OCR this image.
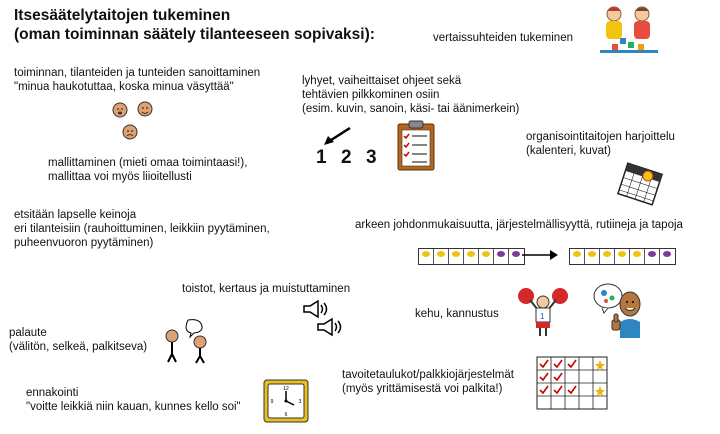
Itsesäätelytaitojen tukeminen
(oman toiminnan säätely tilanteeseen sopivaksi):
toiminnan, tilanteiden ja tunteiden sanoittaminen
"minua haukotuttaa, koska minua väsyttää"
mallittaminen (mieti omaa toimintaasi!),
mallittaa voi myös liioitellusti
etsitään lapselle keinoja
eri tilanteisiin (rauhoittuminen, leikkiin pyytäminen,
puheenvuoron pyytäminen)
palaute
(välitön, selkeä, palkitseva)
ennakointi
"voitte leikkiä niin kauan, kunnes kello soi"
vertaissuhteiden tukeminen
lyhyet, vaiheittaiset ohjeet sekä
tehtävien pilkkominen osiin
(esim. kuvin, sanoin, käsi- tai äänimerkein)
organisointitaitojen harjoittelu
(kalenteri, kuvat)
arkeen johdonmukaisuutta, järjestelmällisyyttä, rutiineja ja tapoja
toistot, kertaus ja muistuttaminen
kehu, kannustus
tavoitetaulukot/palkkiojärjestelmät
(myös yrittämisestä voi palkita!)
1 2 3
1
12
3
6
9
